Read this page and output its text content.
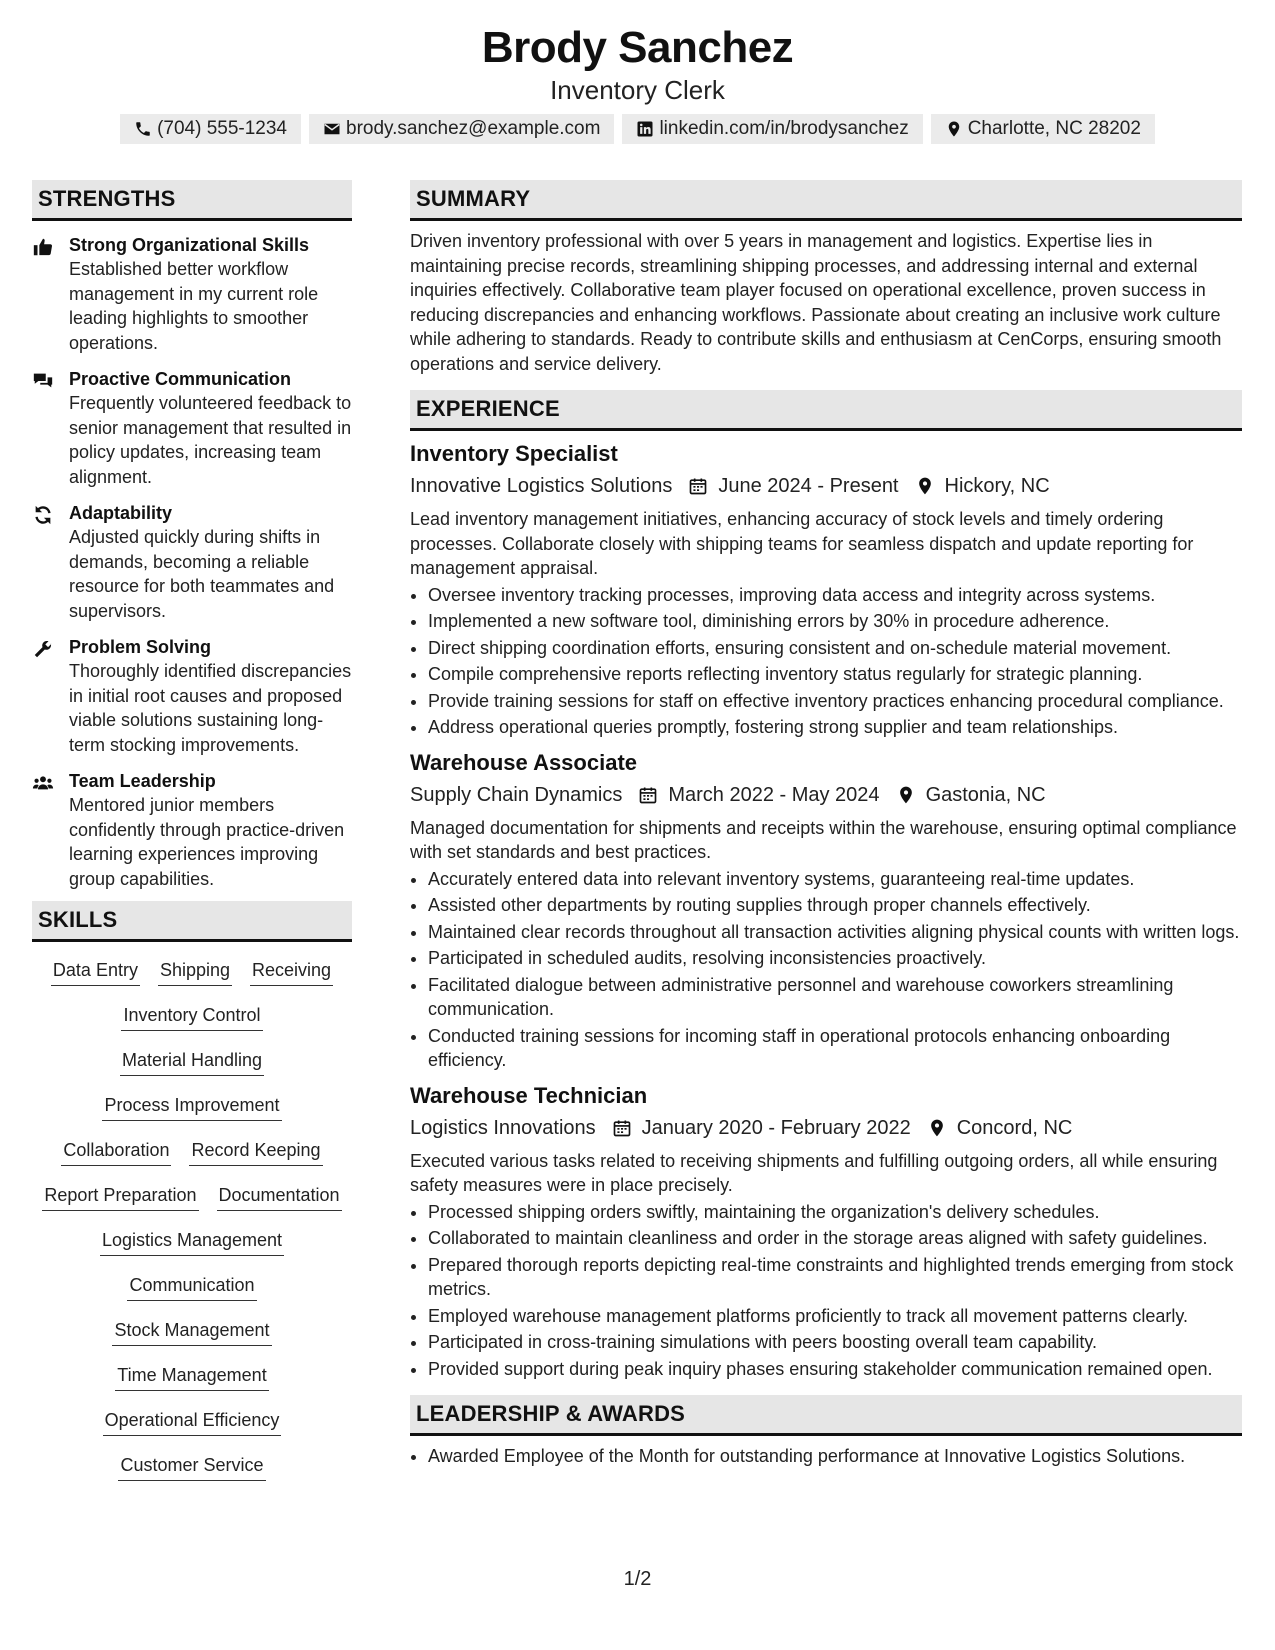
Brody Sanchez
Inventory Clerk
(704) 555-1234	brody.sanchez@example.com	linkedin.com/in/brodysanchez	Charlotte, NC 28202
STRENGTHS
Strong Organizational Skills
Established better workflow management in my current role leading highlights to smoother operations.
Proactive Communication
Frequently volunteered feedback to senior management that resulted in policy updates, increasing team alignment.
Adaptability
Adjusted quickly during shifts in demands, becoming a reliable resource for both teammates and supervisors.
Problem Solving
Thoroughly identified discrepancies in initial root causes and proposed viable solutions sustaining long-term stocking improvements.
Team Leadership
Mentored junior members confidently through practice-driven learning experiences improving group capabilities.
SKILLS
Data Entry Shipping Receiving
Inventory Control
Material Handling
Process Improvement
Collaboration Record Keeping
Report Preparation Documentation
Logistics Management
Communication
Stock Management
Time Management
Operational Efficiency
Customer Service
SUMMARY
Driven inventory professional with over 5 years in management and logistics. Expertise lies in maintaining precise records, streamlining shipping processes, and addressing internal and external inquiries effectively. Collaborative team player focused on operational excellence, proven success in reducing discrepancies and enhancing workflows. Passionate about creating an inclusive work culture while adhering to standards. Ready to contribute skills and enthusiasm at CenCorps, ensuring smooth operations and service delivery.
EXPERIENCE
Inventory Specialist
Innovative Logistics Solutions June 2024 - Present Hickory, NC
Lead inventory management initiatives, enhancing accuracy of stock levels and timely ordering processes. Collaborate closely with shipping teams for seamless dispatch and update reporting for management appraisal.
• Oversee inventory tracking processes, improving data access and integrity across systems.
• Implemented a new software tool, diminishing errors by 30% in procedure adherence.
• Direct shipping coordination efforts, ensuring consistent and on-schedule material movement.
• Compile comprehensive reports reflecting inventory status regularly for strategic planning.
• Provide training sessions for staff on effective inventory practices enhancing procedural compliance.
• Address operational queries promptly, fostering strong supplier and team relationships.
Warehouse Associate
Supply Chain Dynamics March 2022 - May 2024 Gastonia, NC
Managed documentation for shipments and receipts within the warehouse, ensuring optimal compliance with set standards and best practices.
• Accurately entered data into relevant inventory systems, guaranteeing real-time updates.
• Assisted other departments by routing supplies through proper channels effectively.
• Maintained clear records throughout all transaction activities aligning physical counts with written logs.
• Participated in scheduled audits, resolving inconsistencies proactively.
• Facilitated dialogue between administrative personnel and warehouse coworkers streamlining communication.
• Conducted training sessions for incoming staff in operational protocols enhancing onboarding efficiency.
Warehouse Technician
Logistics Innovations January 2020 - February 2022 Concord, NC
Executed various tasks related to receiving shipments and fulfilling outgoing orders, all while ensuring safety measures were in place precisely.
• Processed shipping orders swiftly, maintaining the organization's delivery schedules.
• Collaborated to maintain cleanliness and order in the storage areas aligned with safety guidelines.
• Prepared thorough reports depicting real-time constraints and highlighted trends emerging from stock metrics.
• Employed warehouse management platforms proficiently to track all movement patterns clearly.
• Participated in cross-training simulations with peers boosting overall team capability.
• Provided support during peak inquiry phases ensuring stakeholder communication remained open.
LEADERSHIP & AWARDS
• Awarded Employee of the Month for outstanding performance at Innovative Logistics Solutions.
1/2
